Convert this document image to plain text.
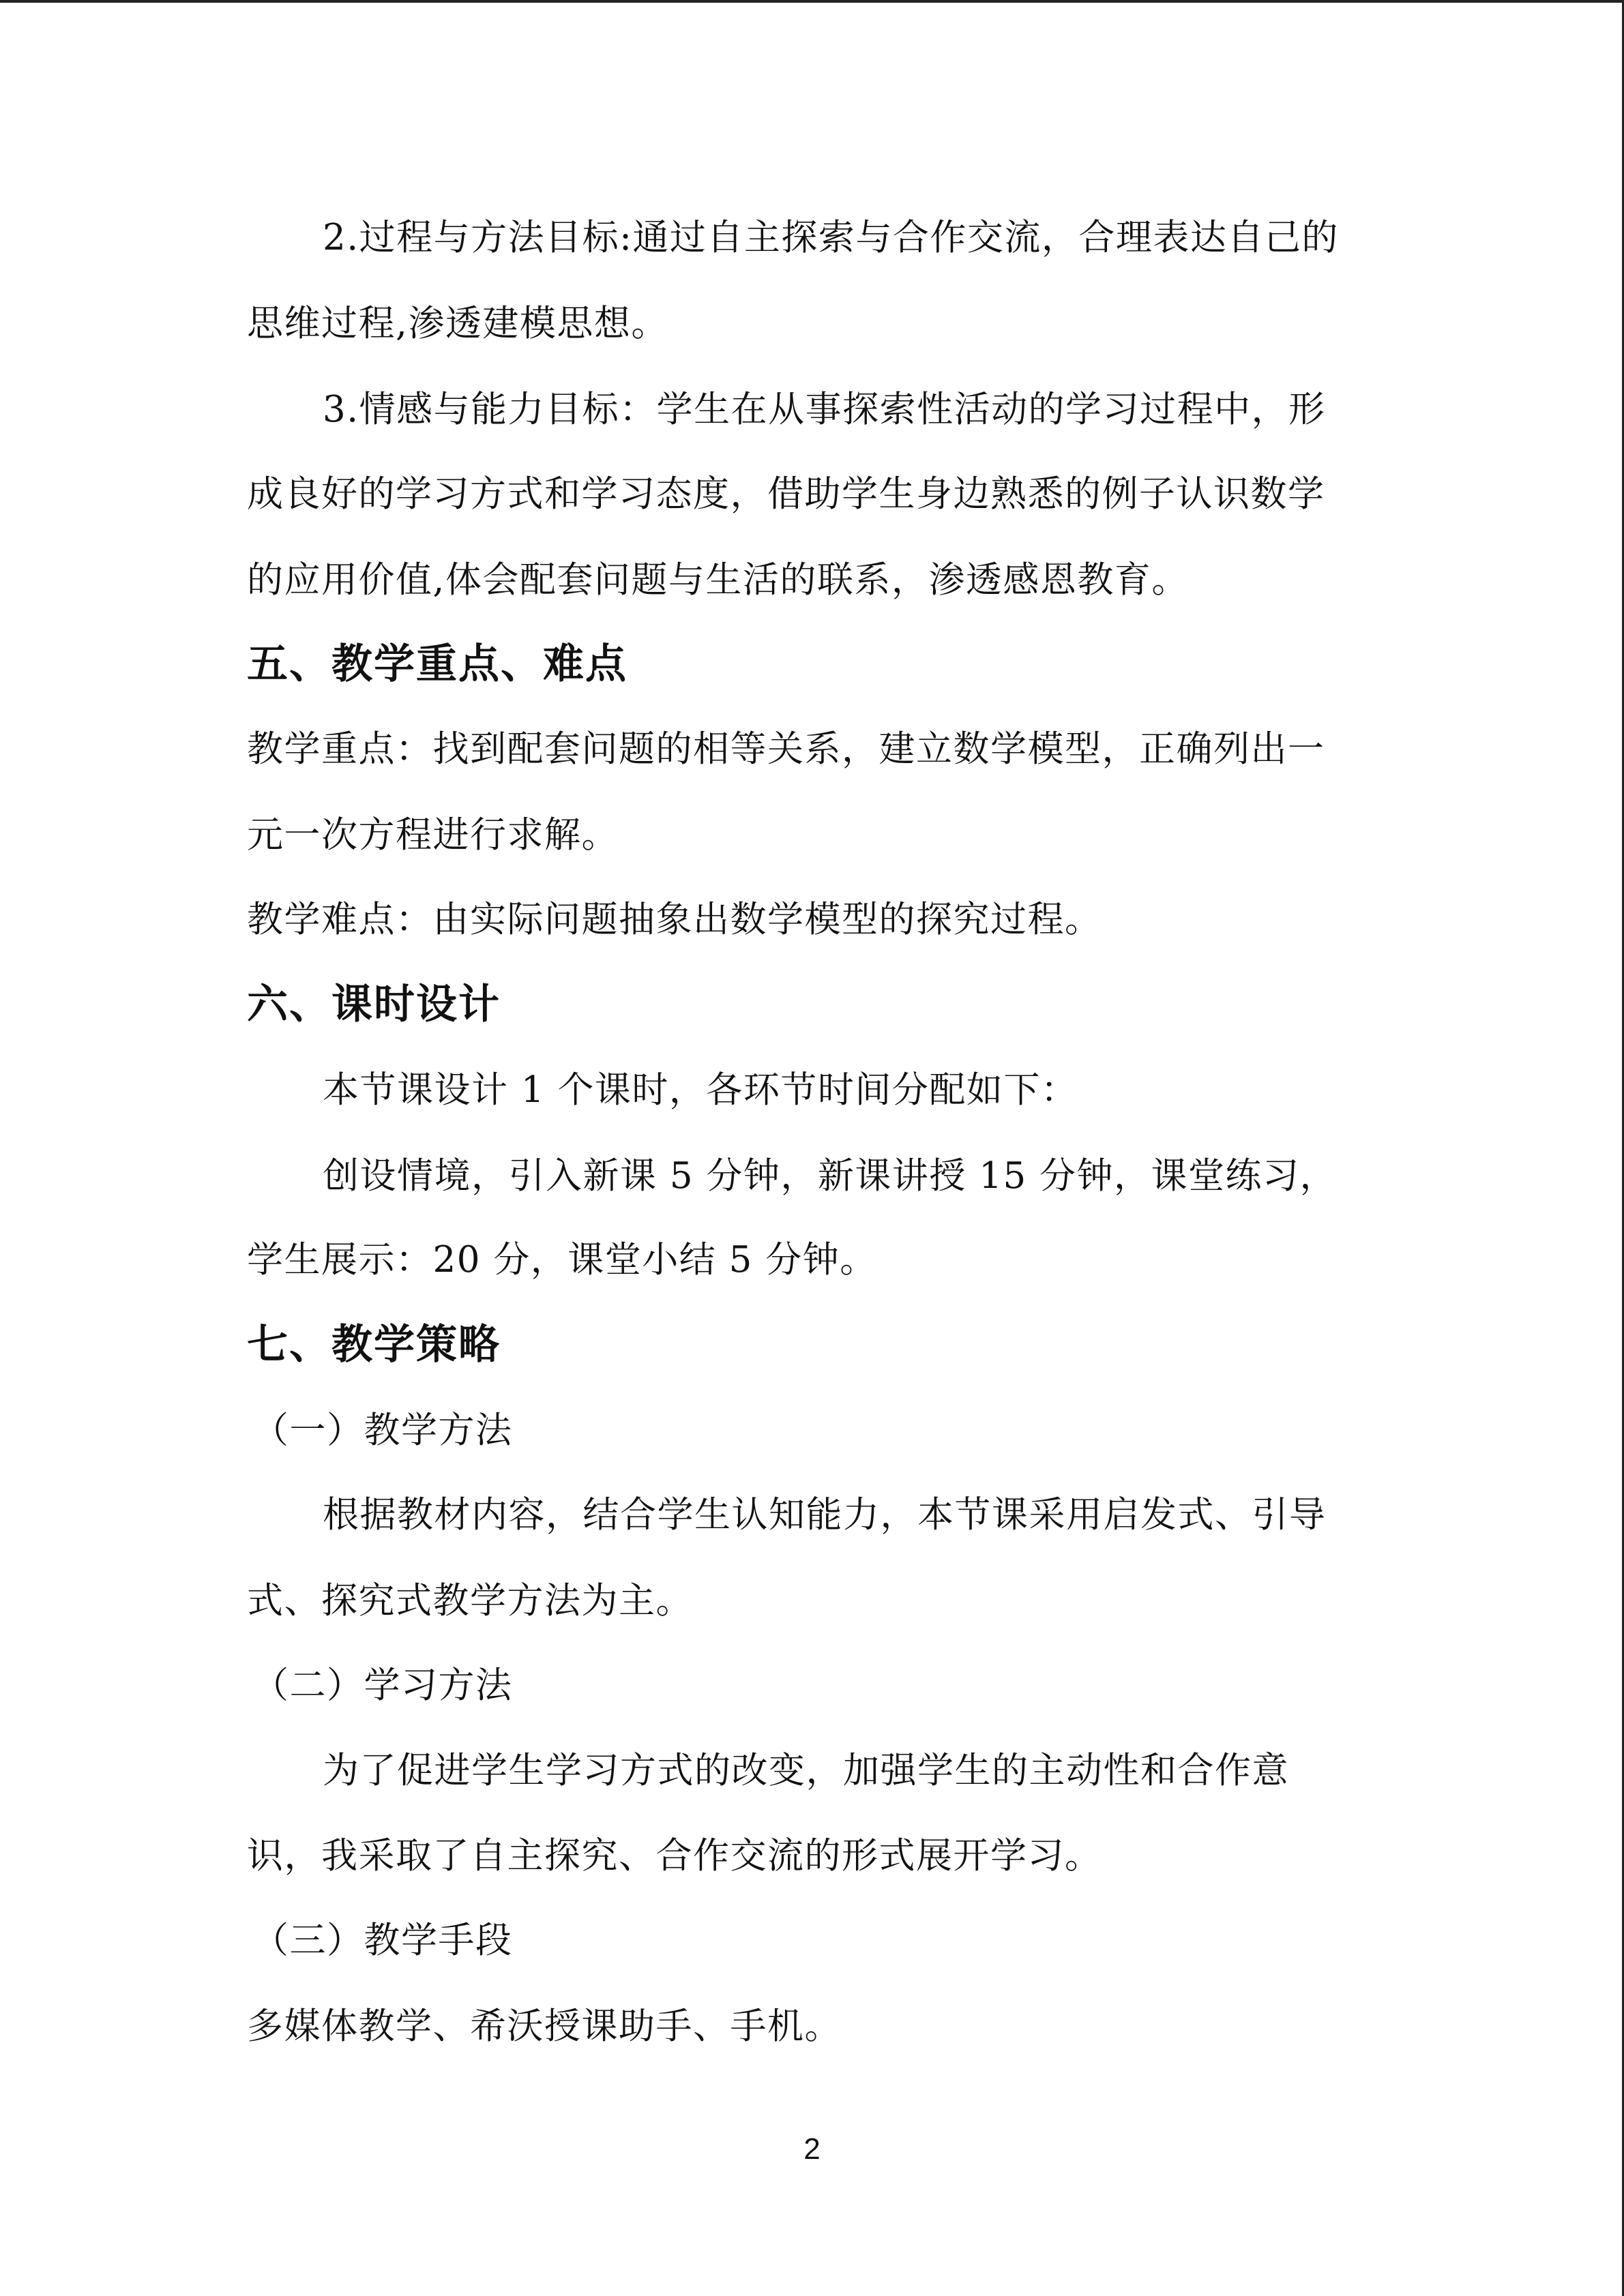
2.过程与方法目标:通过自主探索与合作交流，合理表达自己的
思维过程,渗透建模思想。
3.情感与能力目标：学生在从事探索性活动的学习过程中，形
成良好的学习方式和学习态度，借助学生身边熟悉的例子认识数学
的应用价值,体会配套问题与生活的联系，渗透感恩教育。
五、教学重点、难点
教学重点：找到配套问题的相等关系，建立数学模型，正确列出一
元一次方程进行求解。
教学难点：由实际问题抽象出数学模型的探究过程。
六、课时设计
本节课设计 1 个课时，各环节时间分配如下：
创设情境，引入新课 5 分钟，新课讲授 15 分钟，课堂练习，
学生展示：20 分，课堂小结 5 分钟。
七、教学策略
（一）教学方法
根据教材内容，结合学生认知能力，本节课采用启发式、引导
式、探究式教学方法为主。
（二）学习方法
为了促进学生学习方式的改变，加强学生的主动性和合作意
识，我采取了自主探究、合作交流的形式展开学习。
（三）教学手段
多媒体教学、希沃授课助手、手机。
2
